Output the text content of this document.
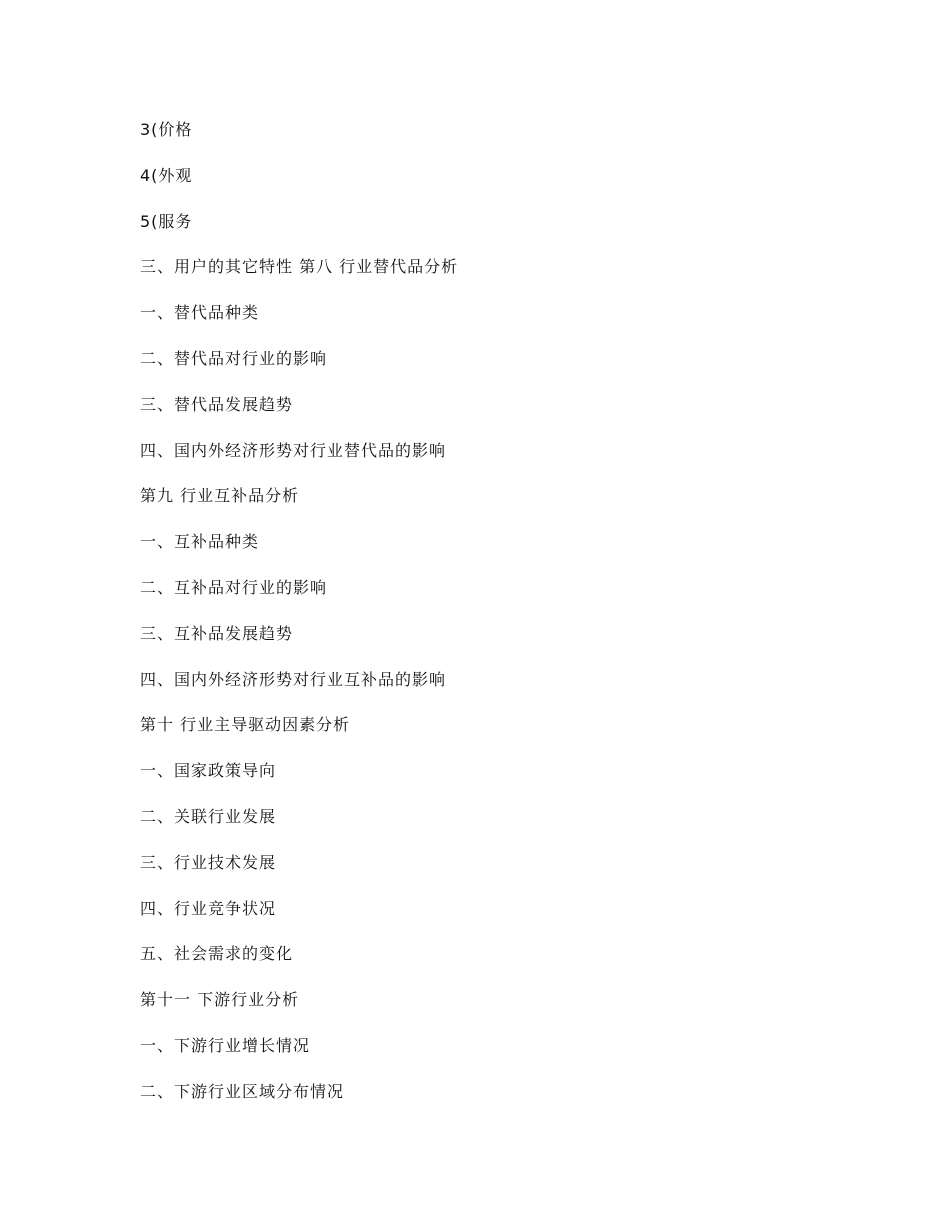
3(价格
4(外观
5(服务
三、用户的其它特性 第八 行业替代品分析
一、替代品种类
二、替代品对行业的影响
三、替代品发展趋势
四、国内外经济形势对行业替代品的影响
第九 行业互补品分析
一、互补品种类
二、互补品对行业的影响
三、互补品发展趋势
四、国内外经济形势对行业互补品的影响
第十 行业主导驱动因素分析
一、国家政策导向
二、关联行业发展
三、行业技术发展
四、行业竞争状况
五、社会需求的变化
第十一 下游行业分析
一、下游行业增长情况
二、下游行业区域分布情况
